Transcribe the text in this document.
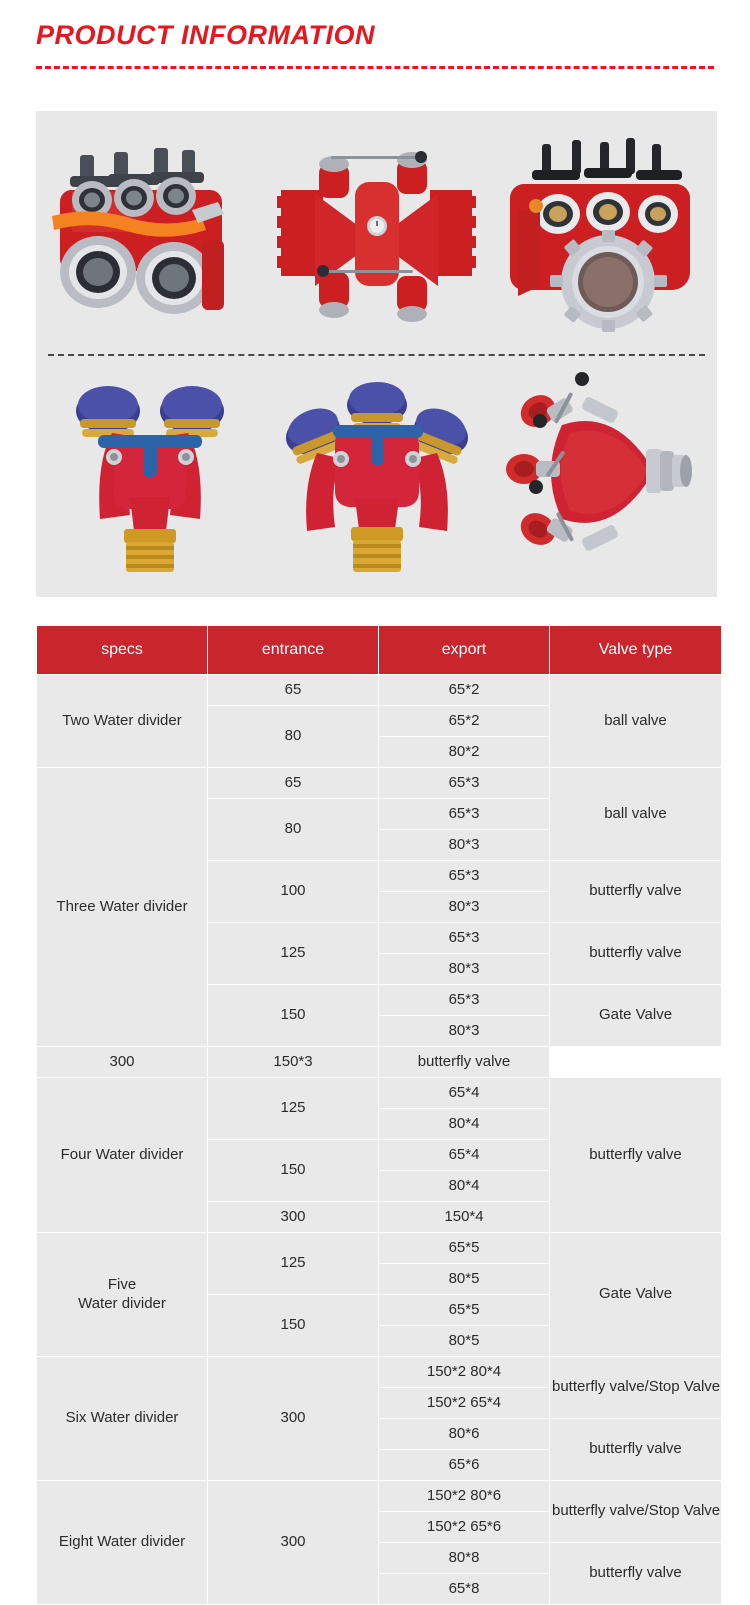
PRODUCT INFORMATION
specs	entrance	export	Valve type
Two Water divider	65	65*2	ball valve
	80	65*2	
		80*2	
Three Water divider	65	65*3	ball valve
	80	65*3	
		80*3	
	100	65*3	butterfly valve
		80*3	
	125	65*3	butterfly valve
		80*3	
	150	65*3	Gate Valve
		80*3	
300	150*3	butterfly valve	
Four Water divider	125	65*4	butterfly valve
		80*4	
	150	65*4	
		80*4	
	300	150*4	
Five
Water divider	125	65*5	Gate Valve
		80*5	
	150	65*5	
		80*5	
Six Water divider	300	150*2 80*4	butterfly valve/Stop Valve
		150*2 65*4	
		80*6	butterfly valve
		65*6	
Eight Water divider	300	150*2 80*6	butterfly valve/Stop Valve
		150*2 65*6	
		80*8	butterfly valve
		65*8	
